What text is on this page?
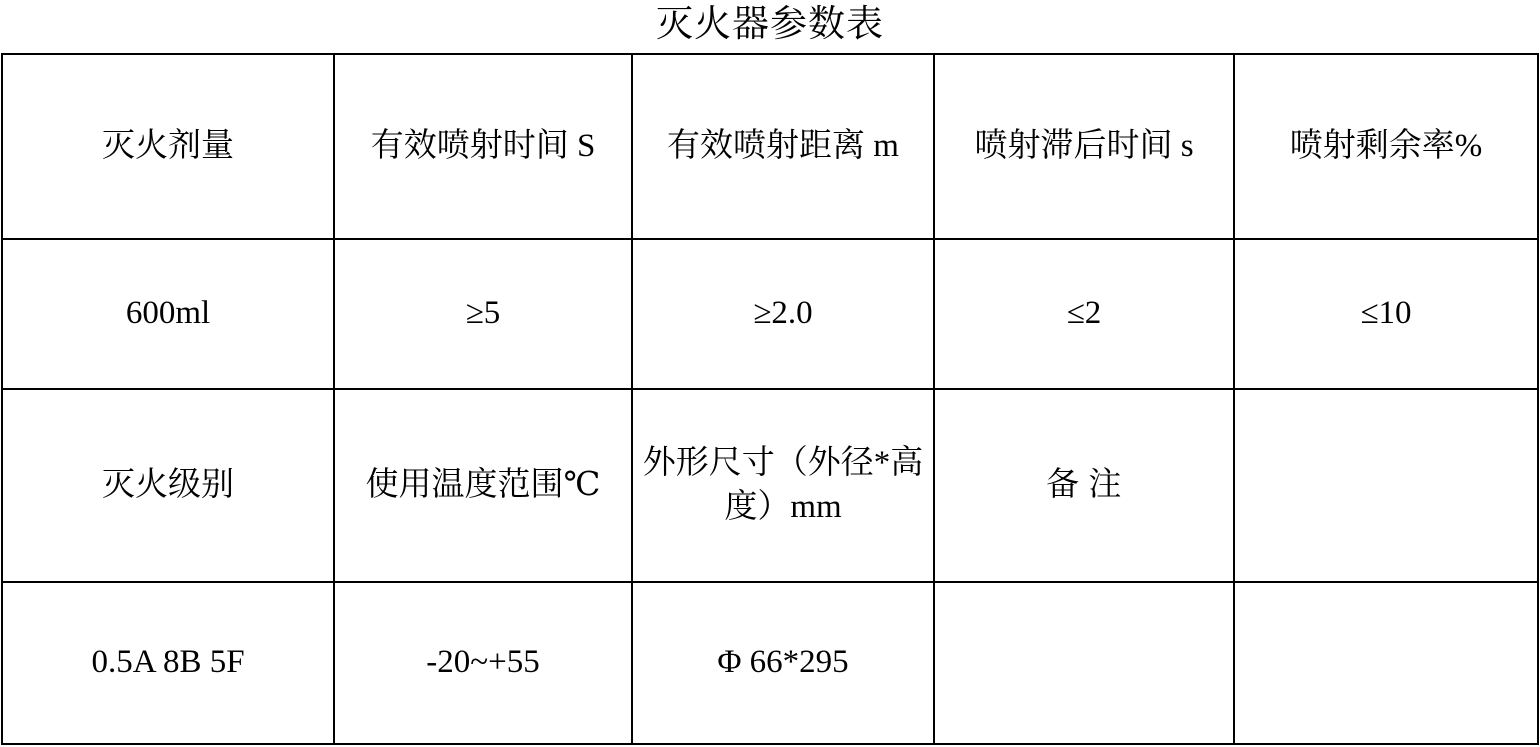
灭火器参数表
灭火剂量	有效喷射时间 S	有效喷射距离 m	喷射滞后时间 s	喷射剩余率%

600ml	≥5	≥2.0	≤2	≤10

灭火级别	使用温度范围℃	外形尺寸（外径*高度）mm	备 注	

0.5A 8B 5F	-20~+55	Φ 66*295		
